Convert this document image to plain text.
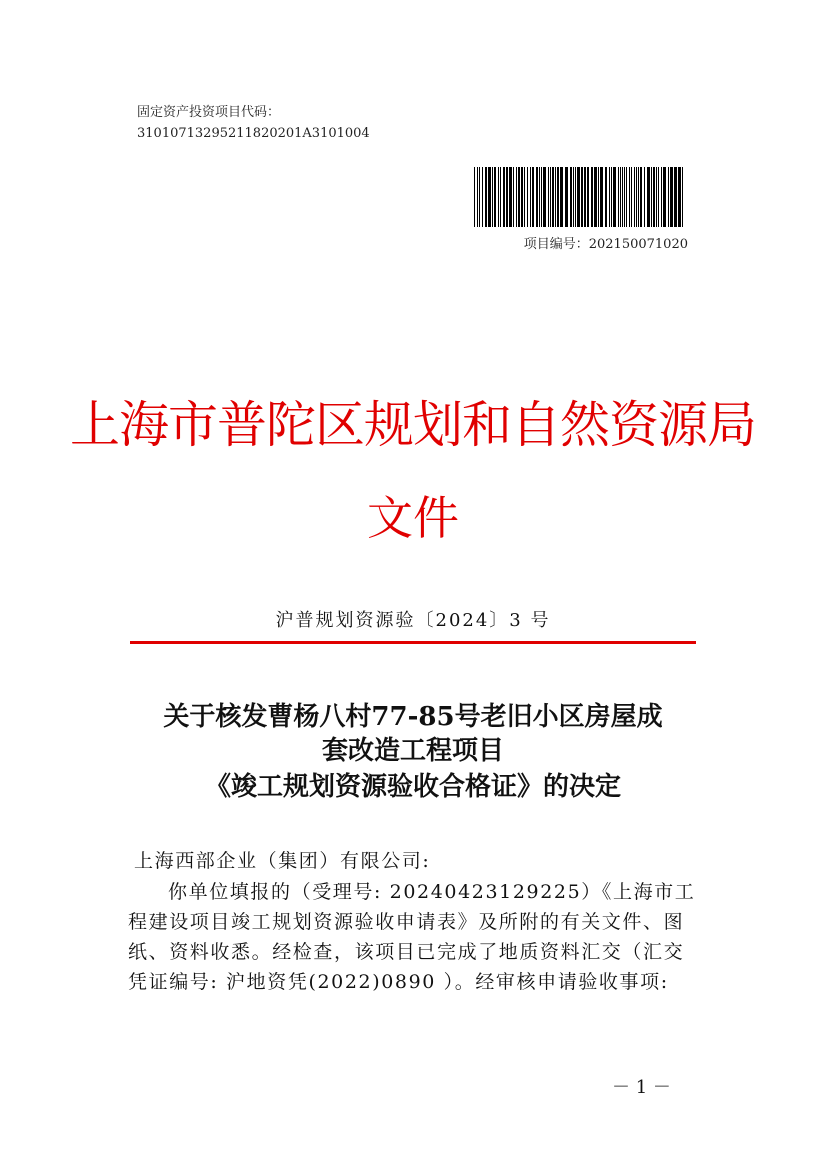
固定资产投资项目代码：
31010713295211820201A3101004
项目编号：202150071020
上海市普陀区规划和自然资源局
文件
沪普规划资源验〔2024〕3 号
关于核发曹杨八村77-85号老旧小区房屋成
套改造工程项目
《竣工规划资源验收合格证》的决定
上海西部企业（集团）有限公司:
你单位填报的（受理号: 20240423129225）《上海市工程建设项目竣工规划资源验收申请表》及所附的有关文件、图纸、资料收悉。经检查，该项目已完成了地质资料汇交（汇交凭证编号: 沪地资凭(2022)0890 ）。经审核申请验收事项:
－ 1 －
